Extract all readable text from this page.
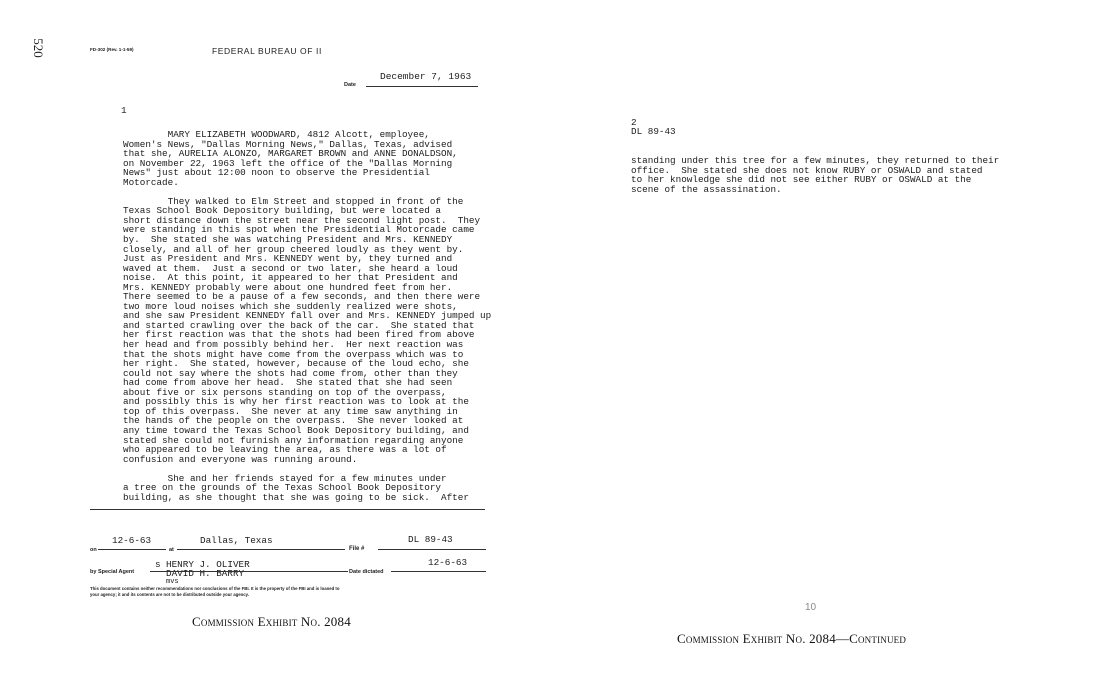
520	FD-302 (Rev. 1-1-59)	FEDERAL BUREAU OF II
Date
December 7, 1963
1
MARY ELIZABETH WOODWARD, 4812 Alcott, employee,
Women's News, "Dallas Morning News," Dallas, Texas, advised
that she, AURELIA ALONZO, MARGARET BROWN and ANNE DONALDSON,
on November 22, 1963 left the office of the "Dallas Morning
News" just about 12:00 noon to observe the Presidential
Motorcade.

They walked to Elm Street and stopped in front of the
Texas School Book Depository building, but were located a
short distance down the street near the second light post.  They
were standing in this spot when the Presidential Motorcade came
by.  She stated she was watching President and Mrs. KENNEDY
closely, and all of her group cheered loudly as they went by.
Just as President and Mrs. KENNEDY went by, they turned and
waved at them.  Just a second or two later, she heard a loud
noise.  At this point, it appeared to her that President and
Mrs. KENNEDY probably were about one hundred feet from her.
There seemed to be a pause of a few seconds, and then there were
two more loud noises which she suddenly realized were shots,
and she saw President KENNEDY fall over and Mrs. KENNEDY jumped up
and started crawling over the back of the car.  She stated that
her first reaction was that the shots had been fired from above
her head and from possibly behind her.  Her next reaction was
that the shots might have come from the overpass which was to
her right.  She stated, however, because of the loud echo, she
could not say where the shots had come from, other than they
had come from above her head.  She stated that she had seen
about five or six persons standing on top of the overpass,
and possibly this is why her first reaction was to look at the
top of this overpass.  She never at any time saw anything in
the hands of the people on the overpass.  She never looked at
any time toward the Texas School Book Depository building, and
stated she could not furnish any information regarding anyone
who appeared to be leaving the area, as there was a lot of
confusion and everyone was running around.

She and her friends stayed for a few minutes under
a tree on the grounds of the Texas School Book Depository
building, as she thought that she was going to be sick.  After
on
12-6-63
at
Dallas, Texas
File #
DL 89-43
by Special Agent
s HENRY J. OLIVER
DAVID H. BARRY
mvs
Date dictated
12-6-63
This document contains neither recommendations nor conclusions of the FBI. It is the property of the FBI and is loaned to
your agency; it and its contents are not to be distributed outside your agency.
Commission Exhibit No. 2084
2
DL 89-43
standing under this tree for a few minutes, they returned to their
office.  She stated she does not know RUBY or OSWALD and stated
to her knowledge she did not see either RUBY or OSWALD at the
scene of the assassination.
10
Commission Exhibit No. 2084—Continued
